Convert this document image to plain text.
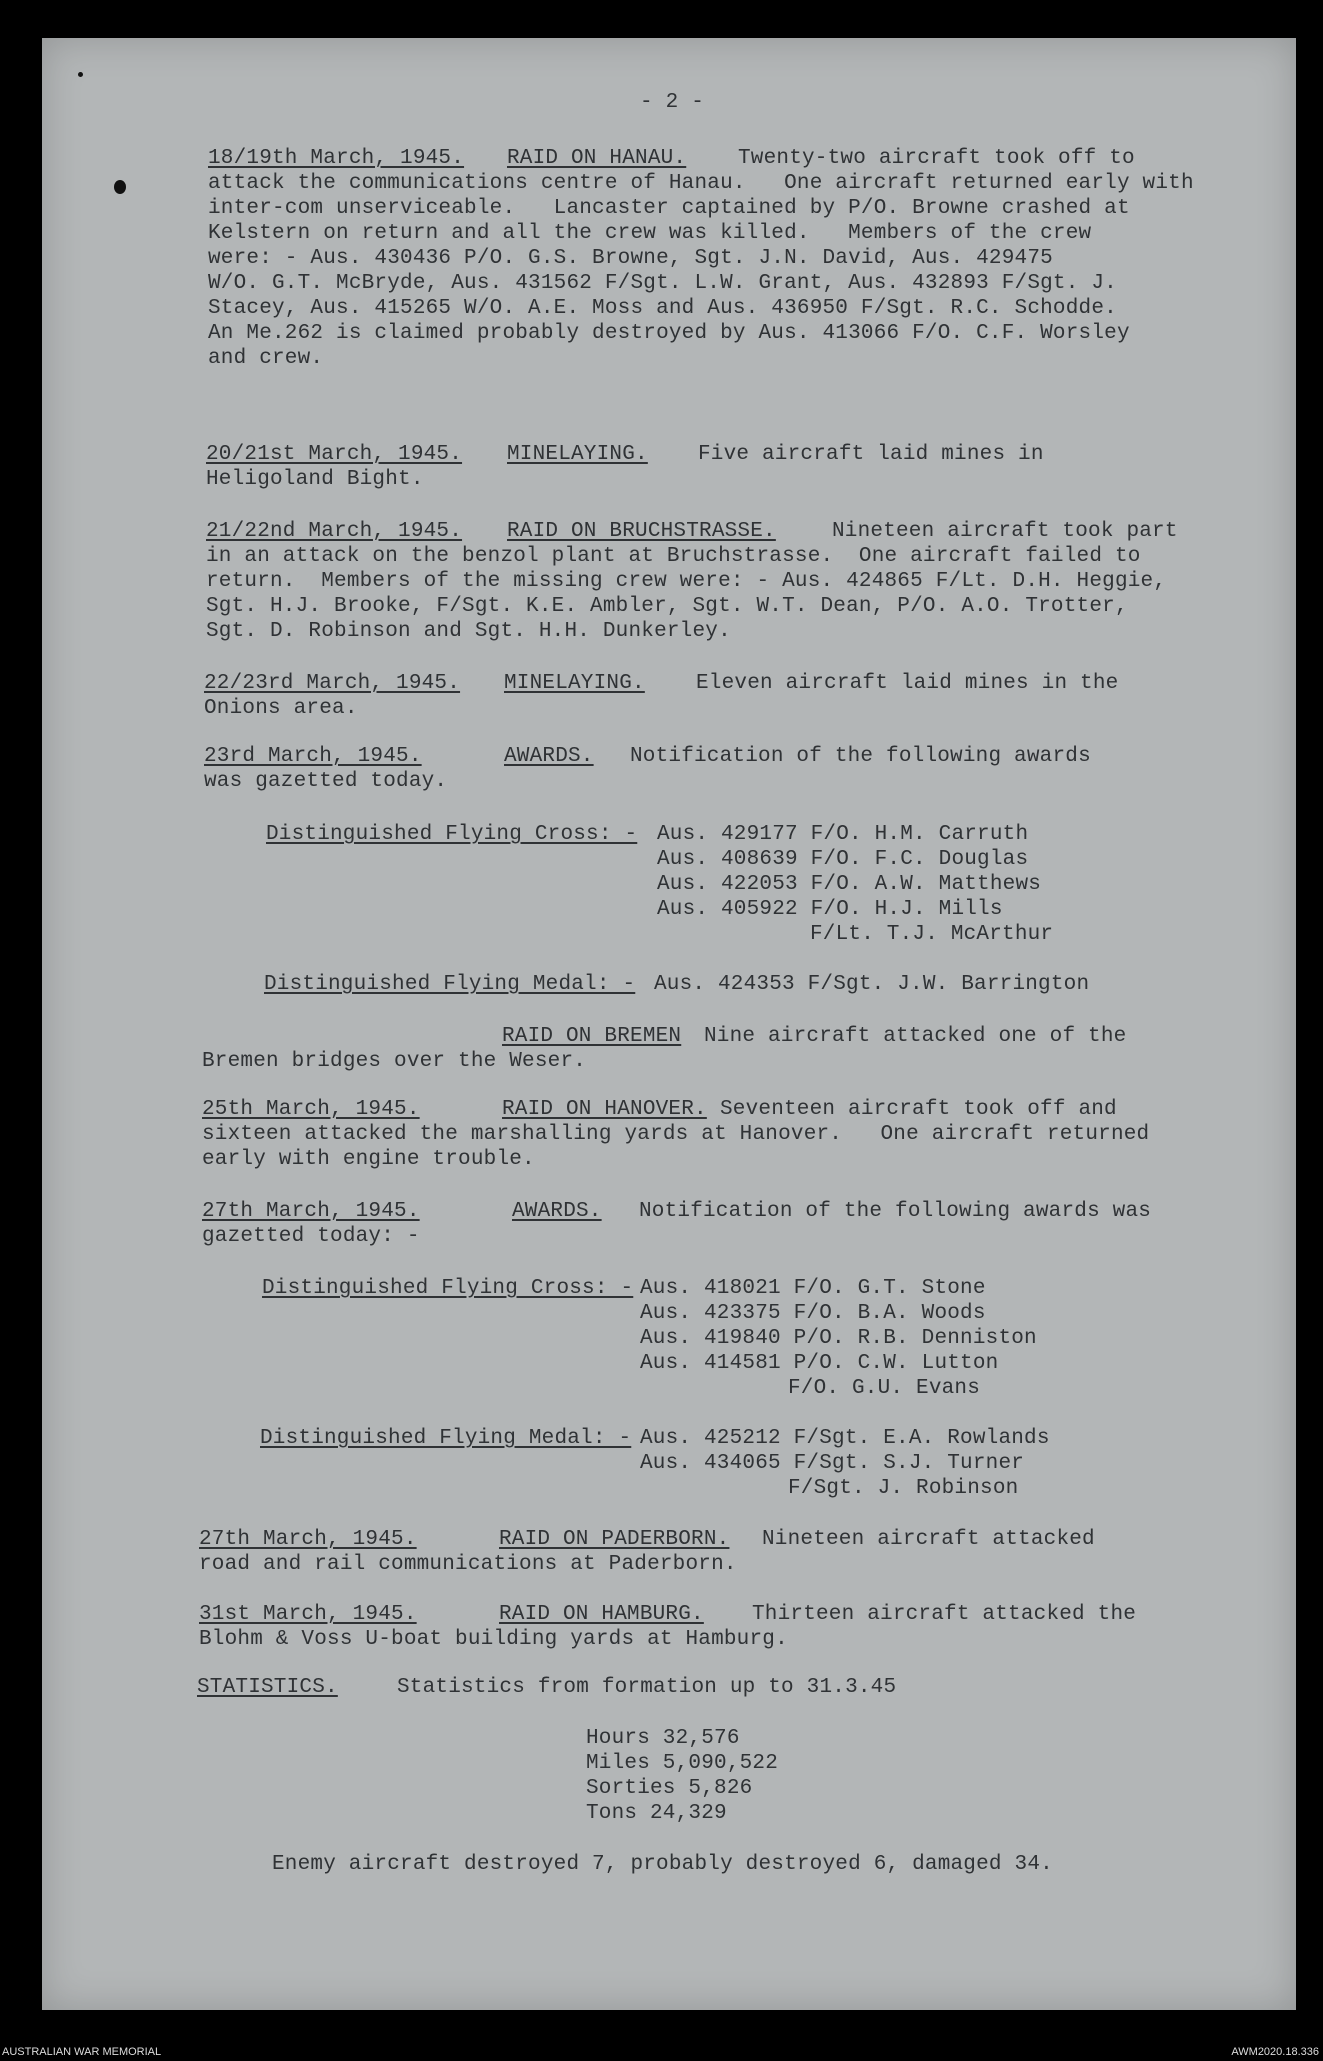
- 2 -
18/19th March, 1945. RAID ON HANAU. Twenty-two aircraft took off to
attack the communications centre of Hanau.   One aircraft returned early with
inter-com unserviceable.   Lancaster captained by P/O. Browne crashed at
Kelstern on return and all the crew was killed.   Members of the crew
were: - Aus. 430436 P/O. G.S. Browne, Sgt. J.N. David, Aus. 429475
W/O. G.T. McBryde, Aus. 431562 F/Sgt. L.W. Grant, Aus. 432893 F/Sgt. J.
Stacey, Aus. 415265 W/O. A.E. Moss and Aus. 436950 F/Sgt. R.C. Schodde.
An Me.262 is claimed probably destroyed by Aus. 413066 F/O. C.F. Worsley
and crew.
20/21st March, 1945. MINELAYING. Five aircraft laid mines in
Heligoland Bight.
21/22nd March, 1945. RAID ON BRUCHSTRASSE.	Nineteen aircraft took part
in an attack on the benzol plant at Bruchstrasse.  One aircraft failed to
return.  Members of the missing crew were: - Aus. 424865 F/Lt. D.H. Heggie,
Sgt. H.J. Brooke, F/Sgt. K.E. Ambler, Sgt. W.T. Dean, P/O. A.O. Trotter,
Sgt. D. Robinson and Sgt. H.H. Dunkerley.
22/23rd March, 1945. MINELAYING. Eleven aircraft laid mines in the
Onions area.
23rd March, 1945.	AWARDS. Notification of the following awards
was gazetted today.
Distinguished Flying Cross: - Aus. 429177 F/O. H.M. Carruth
Aus. 408639 F/O. F.C. Douglas
Aus. 422053 F/O. A.W. Matthews
Aus. 405922 F/O. H.J. Mills
F/Lt. T.J. McArthur
Distinguished Flying Medal: - Aus. 424353 F/Sgt. J.W. Barrington
RAID ON BREMEN Nine aircraft attacked one of the
Bremen bridges over the Weser.
25th March, 1945.	RAID ON HANOVER. Seventeen aircraft took off and
sixteen attacked the marshalling yards at Hanover.   One aircraft returned
early with engine trouble.
27th March, 1945.	AWARDS. Notification of the following awards was
gazetted today: -
Distinguished Flying Cross: - Aus. 418021 F/O. G.T. Stone
Aus. 423375 F/O. B.A. Woods
Aus. 419840 P/O. R.B. Denniston
Aus. 414581 P/O. C.W. Lutton
F/O. G.U. Evans
Distinguished Flying Medal: - Aus. 425212 F/Sgt. E.A. Rowlands
Aus. 434065 F/Sgt. S.J. Turner
F/Sgt. J. Robinson
27th March, 1945.	RAID ON PADERBORN. Nineteen aircraft attacked
road and rail communications at Paderborn.
31st March, 1945.	RAID ON HAMBURG. Thirteen aircraft attacked the
Blohm & Voss U-boat building yards at Hamburg.
STATISTICS.	Statistics from formation up to 31.3.45
Hours 32,576
Miles 5,090,522
Sorties 5,826
Tons 24,329
Enemy aircraft destroyed 7, probably destroyed 6, damaged 34.
AUSTRALIAN WAR MEMORIAL	AWM2020.18.336
